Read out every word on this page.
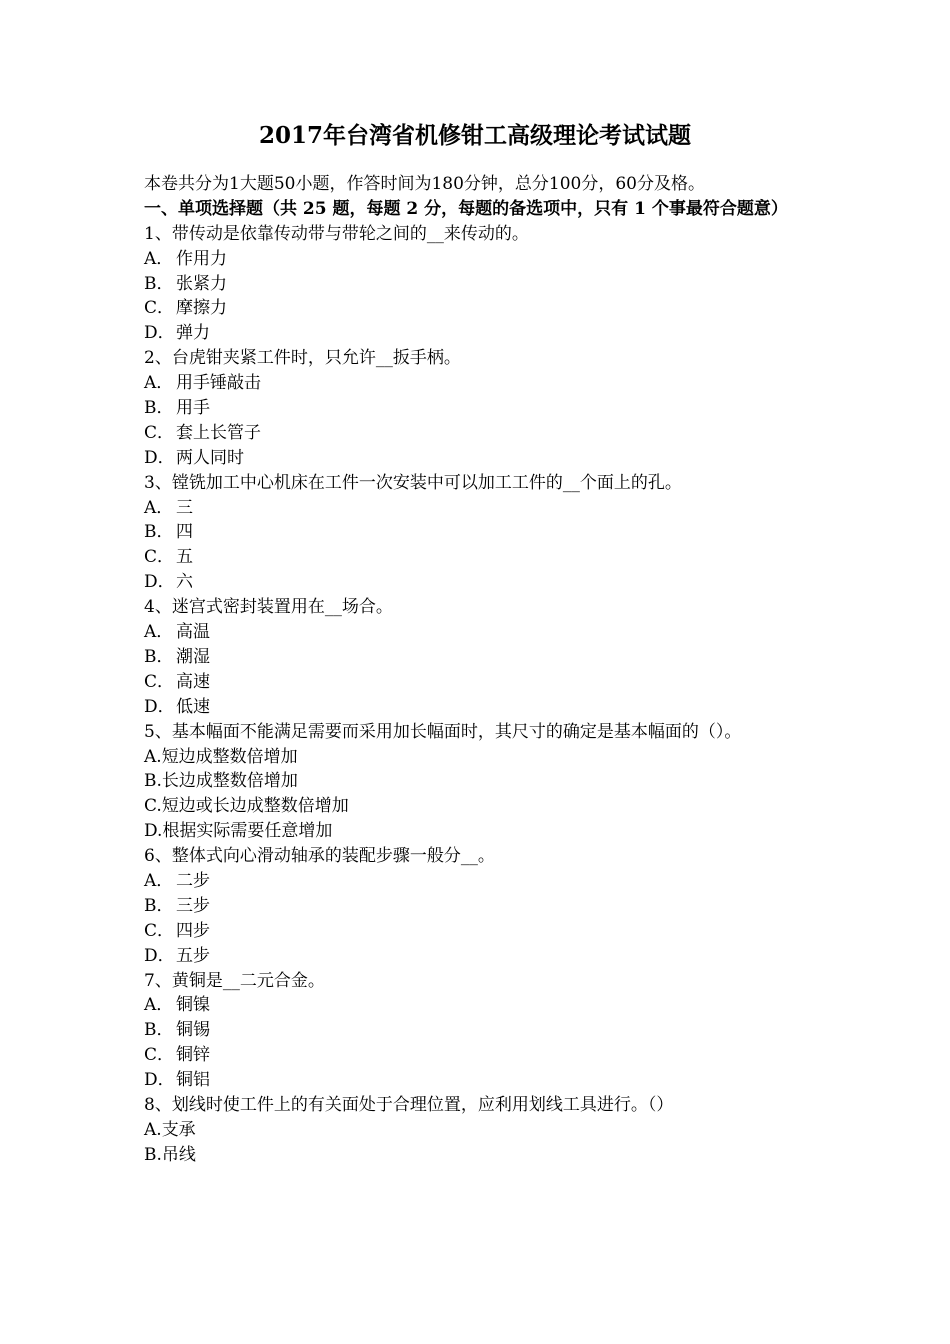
2017年台湾省机修钳工高级理论考试试题
本卷共分为1大题50小题，作答时间为180分钟，总分100分，60分及格。
一、单项选择题（共 25 题，每题 2 分，每题的备选项中，只有 1 个事最符合题意）
1、带传动是依靠传动带与带轮之间的__来传动的。
A． 作用力
B． 张紧力
C． 摩擦力
D．弹力
2、台虎钳夹紧工件时，只允许__扳手柄。
A． 用手锤敲击
B． 用手
C． 套上长管子
D．两人同时
3、镗铣加工中心机床在工件一次安装中可以加工工件的__个面上的孔。
A． 三
B． 四
C． 五
D．六
4、迷宫式密封装置用在__场合。
A． 高温
B． 潮湿
C． 高速
D．低速
5、基本幅面不能满足需要而采用加长幅面时，其尺寸的确定是基本幅面的（）。
A.短边成整数倍增加
B.长边成整数倍增加
C.短边或长边成整数倍增加
D.根据实际需要任意增加
6、整体式向心滑动轴承的装配步骤一般分__。
A． 二步
B． 三步
C． 四步
D．五步
7、黄铜是__二元合金。
A． 铜镍
B． 铜锡
C． 铜锌
D．铜铝
8、划线时使工件上的有关面处于合理位置，应利用划线工具进行。（）
A.支承
B.吊线
